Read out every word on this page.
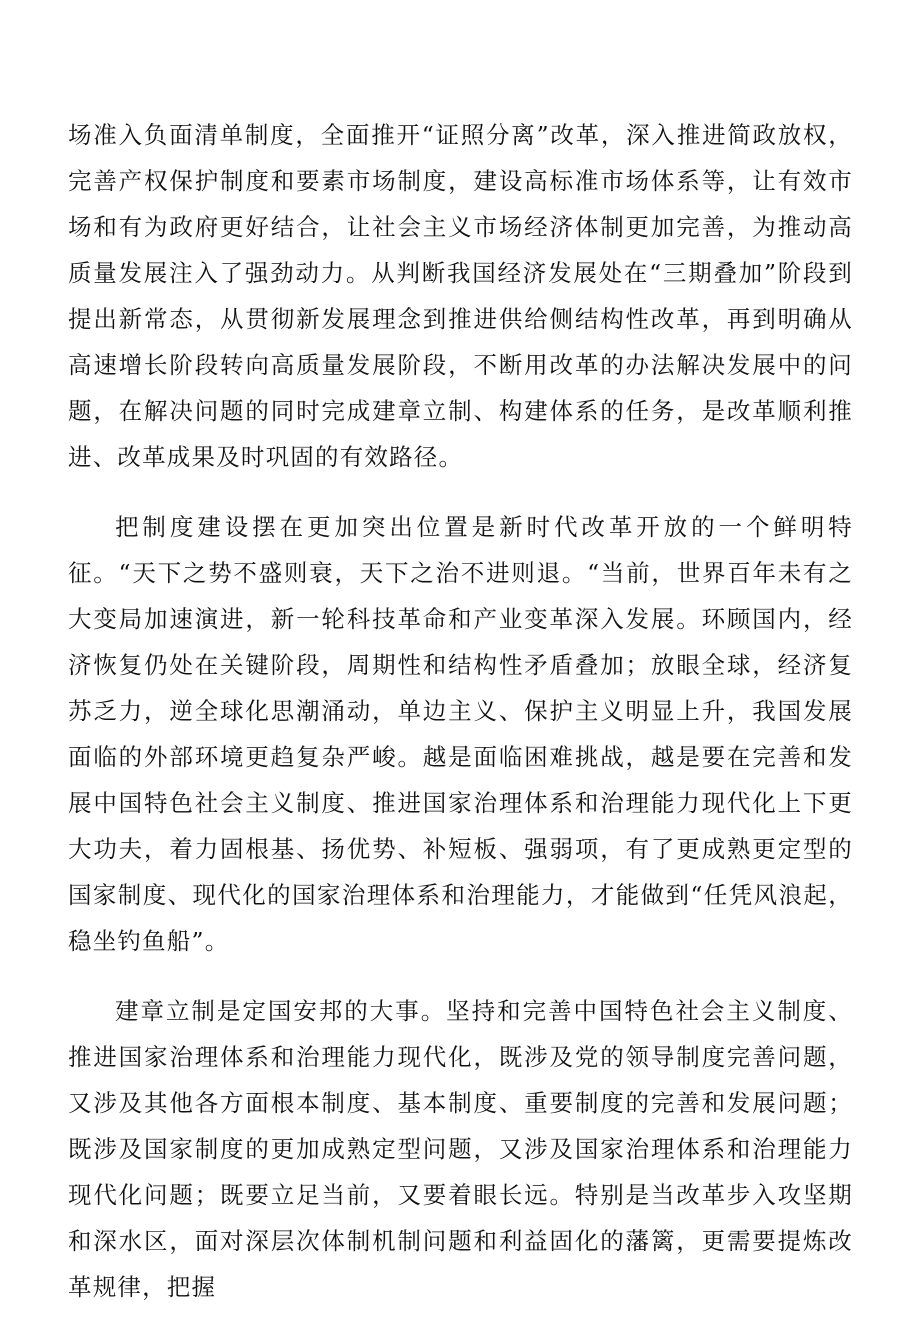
场准入负面清单制度，全面推开“证照分离”改革，深入推进简政放权，完善产权保护制度和要素市场制度，建设高标准市场体系等，让有效市场和有为政府更好结合，让社会主义市场经济体制更加完善，为推动高质量发展注入了强劲动力。从判断我国经济发展处在“三期叠加”阶段到提出新常态，从贯彻新发展理念到推进供给侧结构性改革，再到明确从高速增长阶段转向高质量发展阶段，不断用改革的办法解决发展中的问题，在解决问题的同时完成建章立制、构建体系的任务，是改革顺利推进、改革成果及时巩固的有效路径。

把制度建设摆在更加突出位置是新时代改革开放的一个鲜明特征。“天下之势不盛则衰，天下之治不进则退。“当前，世界百年未有之大变局加速演进，新一轮科技革命和产业变革深入发展。环顾国内，经济恢复仍处在关键阶段，周期性和结构性矛盾叠加；放眼全球，经济复苏乏力，逆全球化思潮涌动，单边主义、保护主义明显上升，我国发展面临的外部环境更趋复杂严峻。越是面临困难挑战，越是要在完善和发展中国特色社会主义制度、推进国家治理体系和治理能力现代化上下更大功夫，着力固根基、扬优势、补短板、强弱项，有了更成熟更定型的国家制度、现代化的国家治理体系和治理能力，才能做到“任凭风浪起，稳坐钓鱼船”。

建章立制是定国安邦的大事。坚持和完善中国特色社会主义制度、推进国家治理体系和治理能力现代化，既涉及党的领导制度完善问题，又涉及其他各方面根本制度、基本制度、重要制度的完善和发展问题；既涉及国家制度的更加成熟定型问题，又涉及国家治理体系和治理能力现代化问题；既要立足当前，又要着眼长远。特别是当改革步入攻坚期和深水区，面对深层次体制机制问题和利益固化的藩篱，更需要提炼改革规律，把握
